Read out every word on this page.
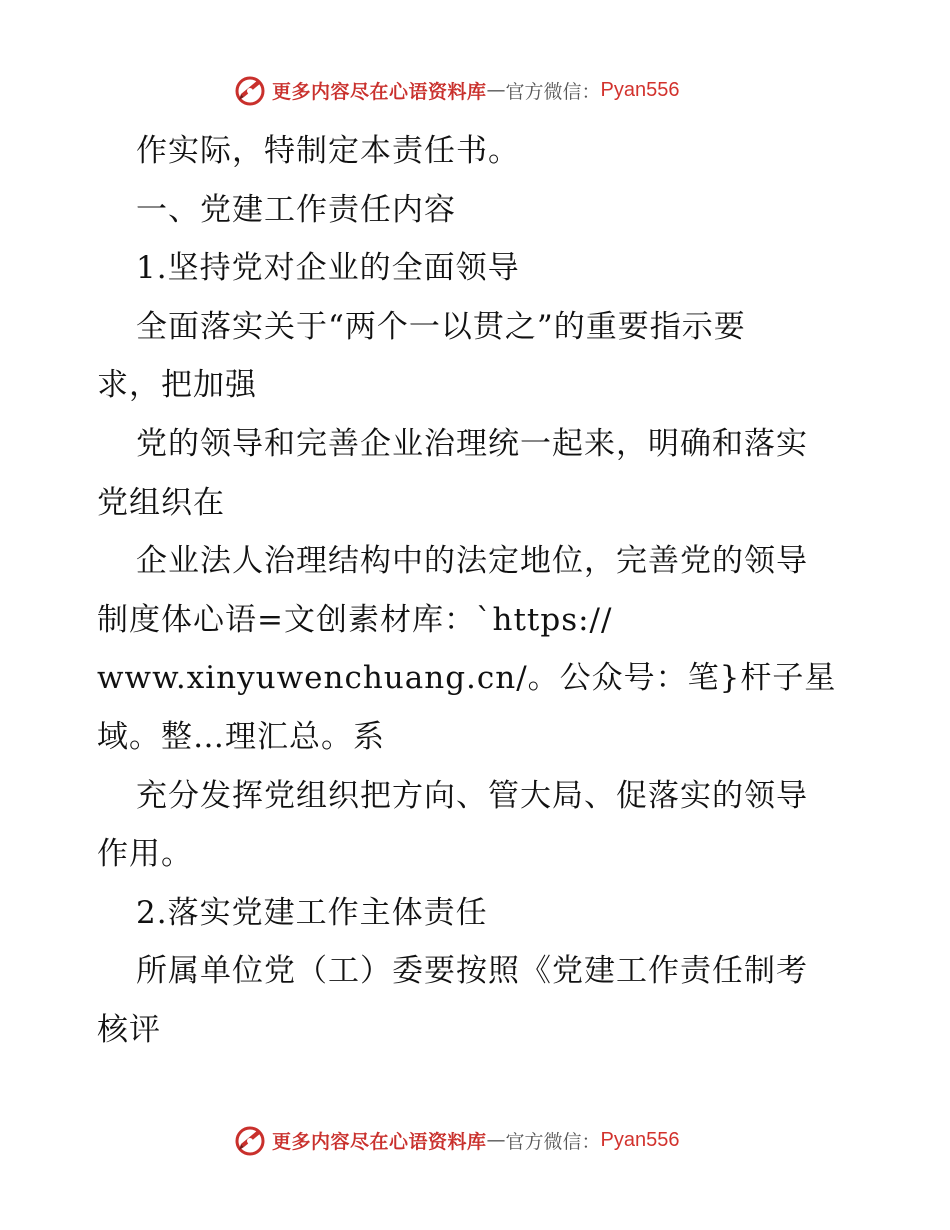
更多内容尽在心语资料库 — 官方微信： Pyan556
作实际，特制定本责任书。
一、党建工作责任内容
1.坚持党对企业的全面领导
全面落实关于“两个一以贯之”的重要指示要
求，把加强
党的领导和完善企业治理统一起来，明确和落实
党组织在
企业法人治理结构中的法定地位，完善党的领导
制度体心语=文创素材库：`https://
www.xinyuwenchuang.cn/。公众号：笔}杆子星
域。整…理汇总。系
充分发挥党组织把方向、管大局、促落实的领导
作用。
2.落实党建工作主体责任
所属单位党（工）委要按照《党建工作责任制考
核评
更多内容尽在心语资料库 — 官方微信： Pyan556
